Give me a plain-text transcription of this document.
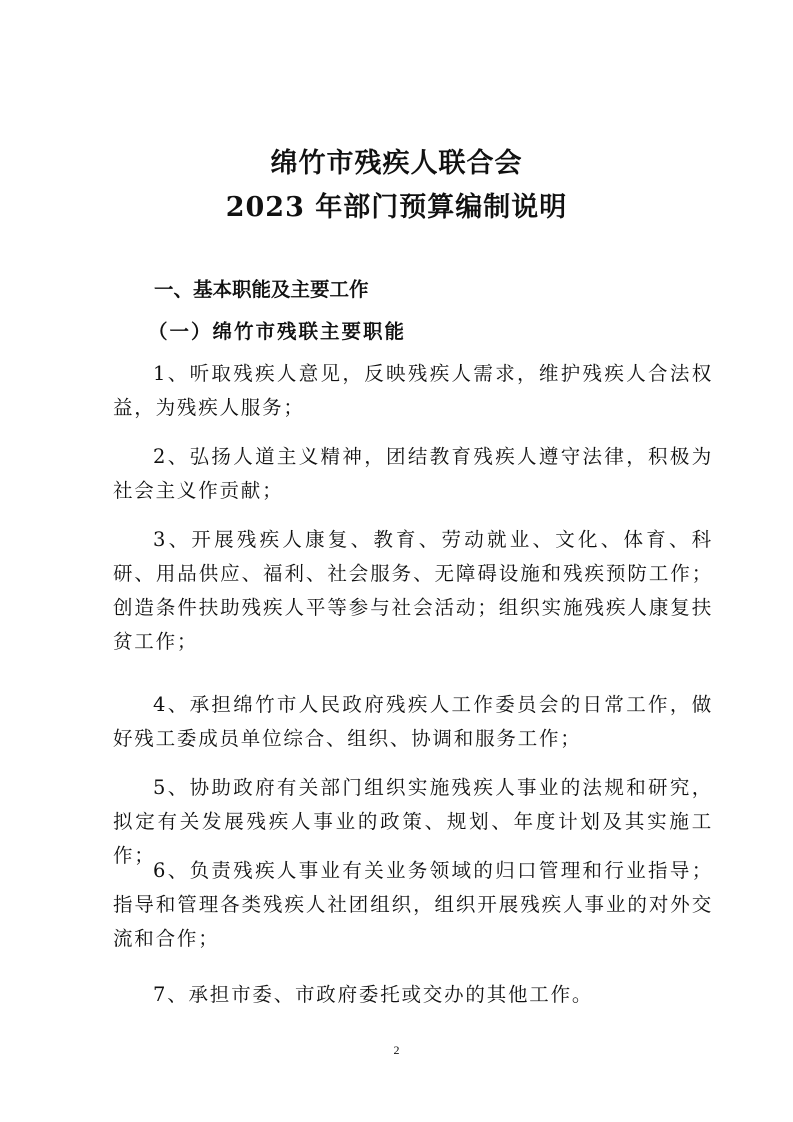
绵竹市残疾人联合会
2023 年部门预算编制说明
一、基本职能及主要工作
（一）绵竹市残联主要职能

1、听取残疾人意见，反映残疾人需求，维护残疾人合法权益，为残疾人服务；

2、弘扬人道主义精神，团结教育残疾人遵守法律，积极为社会主义作贡献；

3、开展残疾人康复、教育、劳动就业、文化、体育、科研、用品供应、福利、社会服务、无障碍设施和残疾预防工作；创造条件扶助残疾人平等参与社会活动；组织实施残疾人康复扶贫工作；

4、承担绵竹市人民政府残疾人工作委员会的日常工作，做好残工委成员单位综合、组织、协调和服务工作；

5、协助政府有关部门组织实施残疾人事业的法规和研究，拟定有关发展残疾人事业的政策、规划、年度计划及其实施工作；

6、负责残疾人事业有关业务领域的归口管理和行业指导；指导和管理各类残疾人社团组织，组织开展残疾人事业的对外交流和合作；

7、承担市委、市政府委托或交办的其他工作。

2
